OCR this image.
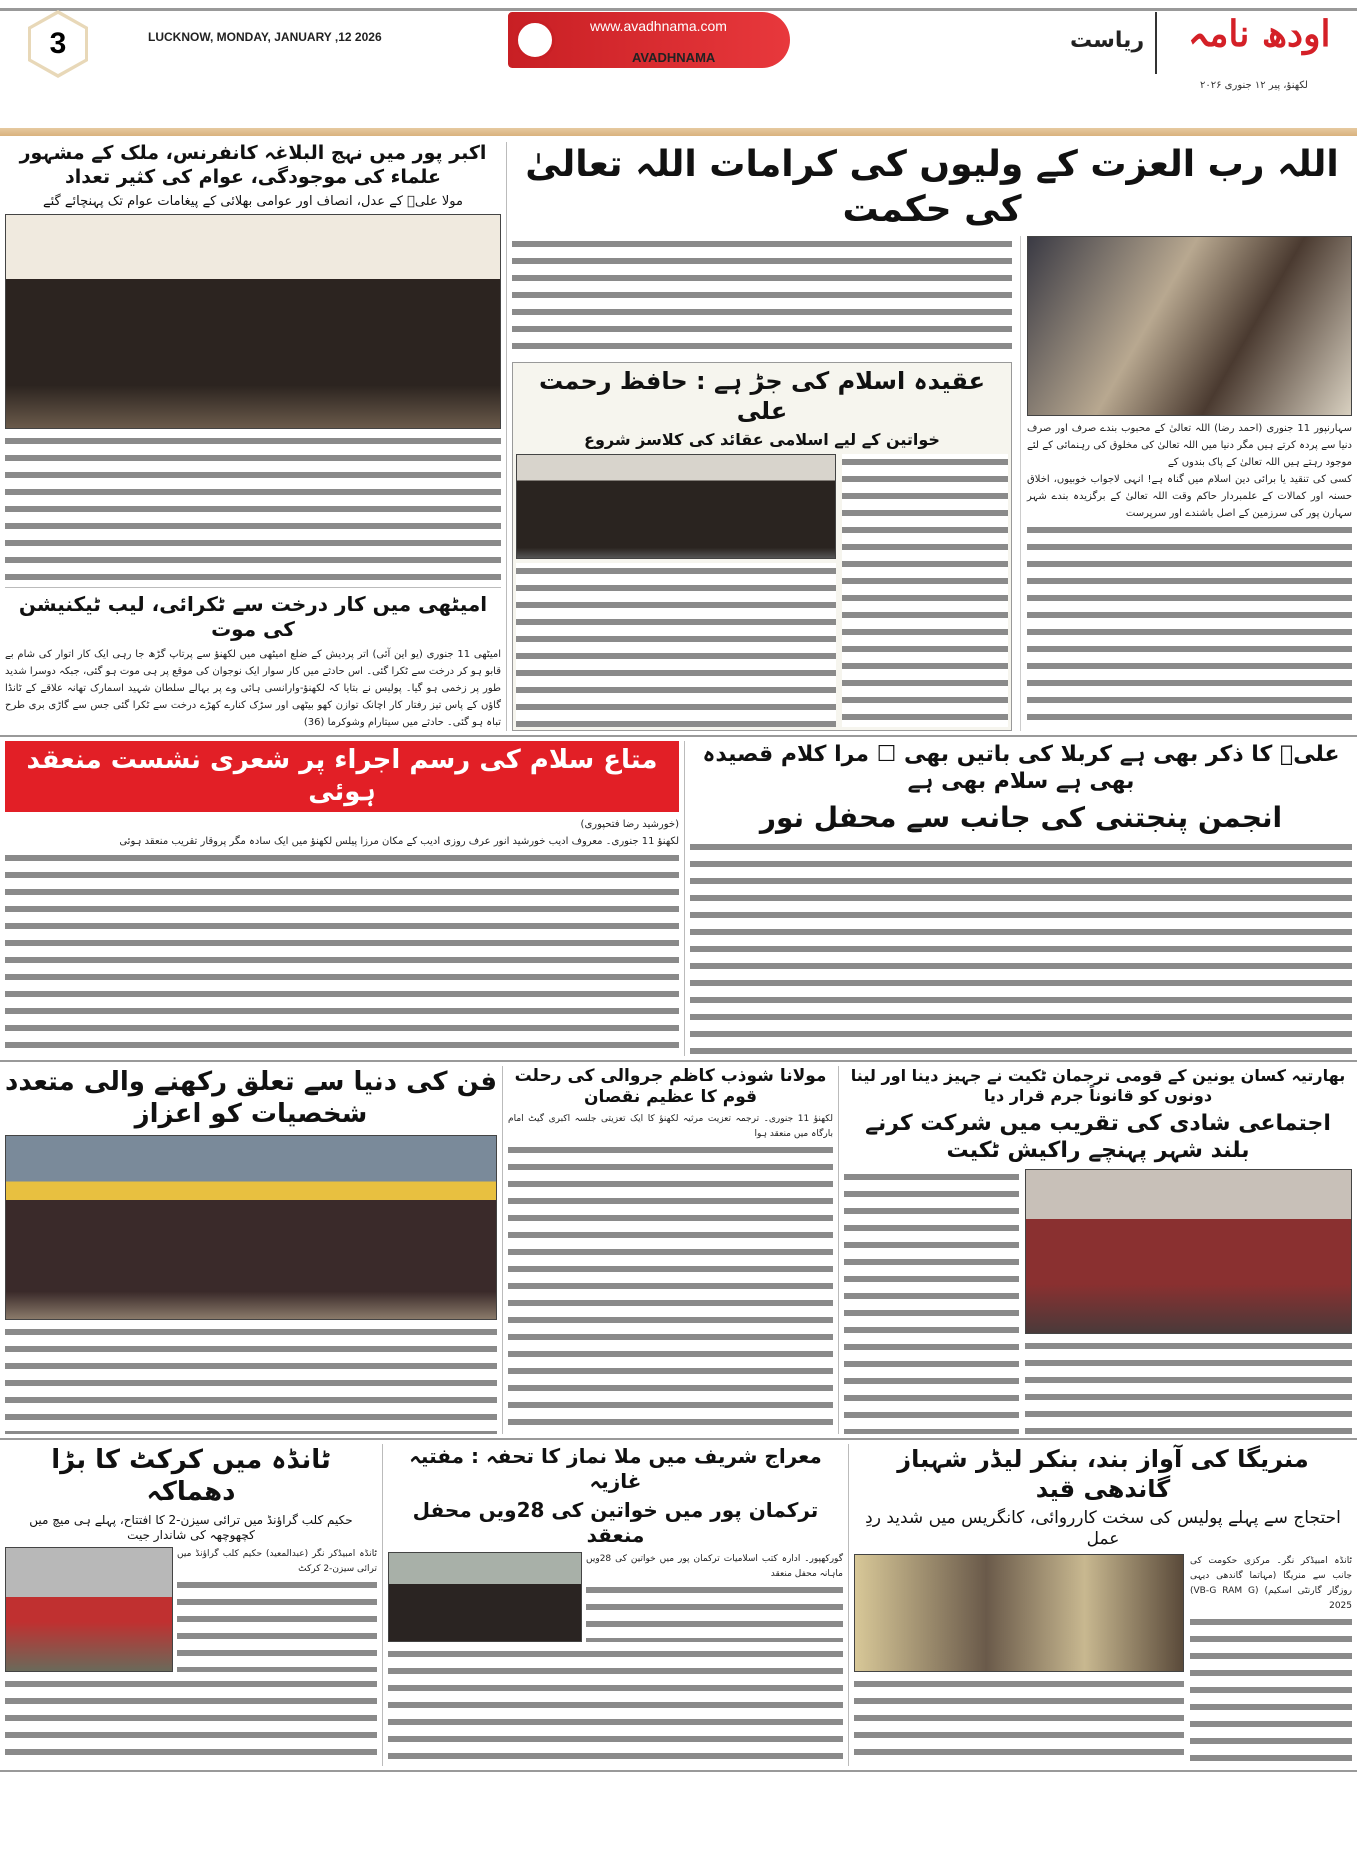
3	LUCKNOW, MONDAY, JANUARY ,12 2026
www.avadhnama.com
AVADHNAMA
ریاست اودھ نامہ
لکھنؤ، پیر ۱۲ جنوری ۲۰۲۶
اکبر پور میں نہج البلاغہ کانفرنس، ملک کے مشہور علماء کی موجودگی، عوام کی کثیر تعداد
مولا علیؑ کے عدل، انصاف اور عوامی بھلائی کے پیغامات عوام تک پہنچائے گئے
امیٹھی میں کار درخت سے ٹکرائی، لیب ٹیکنیشن کی موت
امیٹھی 11 جنوری (یو این آئی) اتر پردیش کے ضلع امیٹھی میں لکھنؤ سے پرتاپ گڑھ جا رہی ایک کار اتوار کی شام بے قابو ہو کر درخت سے ٹکرا گئی۔ اس حادثے میں کار سوار ایک نوجوان کی موقع پر ہی موت ہو گئی، جبکہ دوسرا شدید طور پر زخمی ہو گیا۔ پولیس نے بتایا کہ لکھنؤ-وارانسی ہائی وے پر بہالے سلطان شہید اسمارک تھانہ علاقے کے ٹانڈا گاؤں کے پاس تیز رفتار کار اچانک توازن کھو بیٹھی اور سڑک کنارے کھڑے درخت سے ٹکرا گئی جس سے گاڑی بری طرح تباہ ہو گئی۔ حادثے میں سیتارام وشوکرما (36)
اللہ رب العزت کے ولیوں کی کرامات اللہ تعالیٰ کی حکمت
عقیدہ اسلام کی جڑ ہے : حافظ رحمت علی
خواتین کے لیے اسلامی عقائد کی کلاسز شروع
سہارنپور 11 جنوری (احمد رضا) اللہ تعالیٰ کے محبوب بندے صرف اور صرف دنیا سے پردہ کرتے ہیں مگر دنیا میں اللہ تعالیٰ کی مخلوق کی رہنمائی کے لئے موجود رہتے ہیں اللہ تعالیٰ کے پاک بندوں کے
کسی کی تنقید یا برائی دین اسلام میں گناہ ہے! انہی لاجواب خوبیوں، اخلاق حسنہ اور کمالات کے علمبردار حاکم وقت اللہ تعالیٰ کے برگزیدہ بندے شہر سہارن پور کی سرزمین کے اصل باشندے اور سرپرست
متاع سلام کی رسم اجراء پر شعری نشست منعقد ہوئی
(خورشید رضا فتحپوری)
لکھنؤ 11 جنوری۔ معروف ادیب خورشید انور عرف روزی ادیب کے مکان مرزا پیلس لکھنؤ میں ایک سادہ مگر پروقار تقریب منعقد ہوئی
علیؑ کا ذکر بھی ہے کربلا کی باتیں بھی ☐ مرا کلام قصیدہ بھی ہے سلام بھی ہے
انجمن پنجتنی کی جانب سے محفل نور
فن کی دنیا سے تعلق رکھنے والی متعدد شخصیات کو اعزاز
مولانا شوذب کاظم جروالی کی رحلت قوم کا عظیم نقصان
لکھنؤ 11 جنوری۔ ترجمہ تعزیت مرثیہ لکھنؤ کا ایک تعزیتی جلسہ اکبری گیٹ امام بارگاہ میں منعقد ہوا
بھارتیہ کسان یونین کے قومی ترجمان ٹکیت نے جہیز دینا اور لینا دونوں کو قانوناً جرم قرار دیا
اجتماعی شادی کی تقریب میں شرکت کرنے بلند شہر پہنچے راکیش ٹکیت
ٹانڈہ میں کرکٹ کا بڑا دھماکہ
حکیم کلب گراؤنڈ میں ترائی سیزن-2 کا افتتاح، پہلے ہی میچ میں کچھوچھہ کی شاندار جیت
ٹانڈہ امبیڈکر نگر (عبدالمعید) حکیم کلب گراؤنڈ میں ترائی سیزن-2 کرکٹ
معراج شریف میں ملا نماز کا تحفہ : مفتیہ غازیہ
ترکمان پور میں خواتین کی 28ویں محفل منعقد
گورکھپور۔ ادارہ کتب اسلامیات ترکمان پور میں خواتین کی 28ویں ماہانہ محفل منعقد
منریگا کی آواز بند، بنکر لیڈر شہباز گاندھی قید
احتجاج سے پہلے پولیس کی سخت کارروائی، کانگریس میں شدید ردِ عمل
ٹانڈہ امبیڈکر نگر۔ مرکزی حکومت کی جانب سے منریگا (مہاتما گاندھی دیہی روزگار گارنٹی اسکیم) (VB-G RAM G) 2025
